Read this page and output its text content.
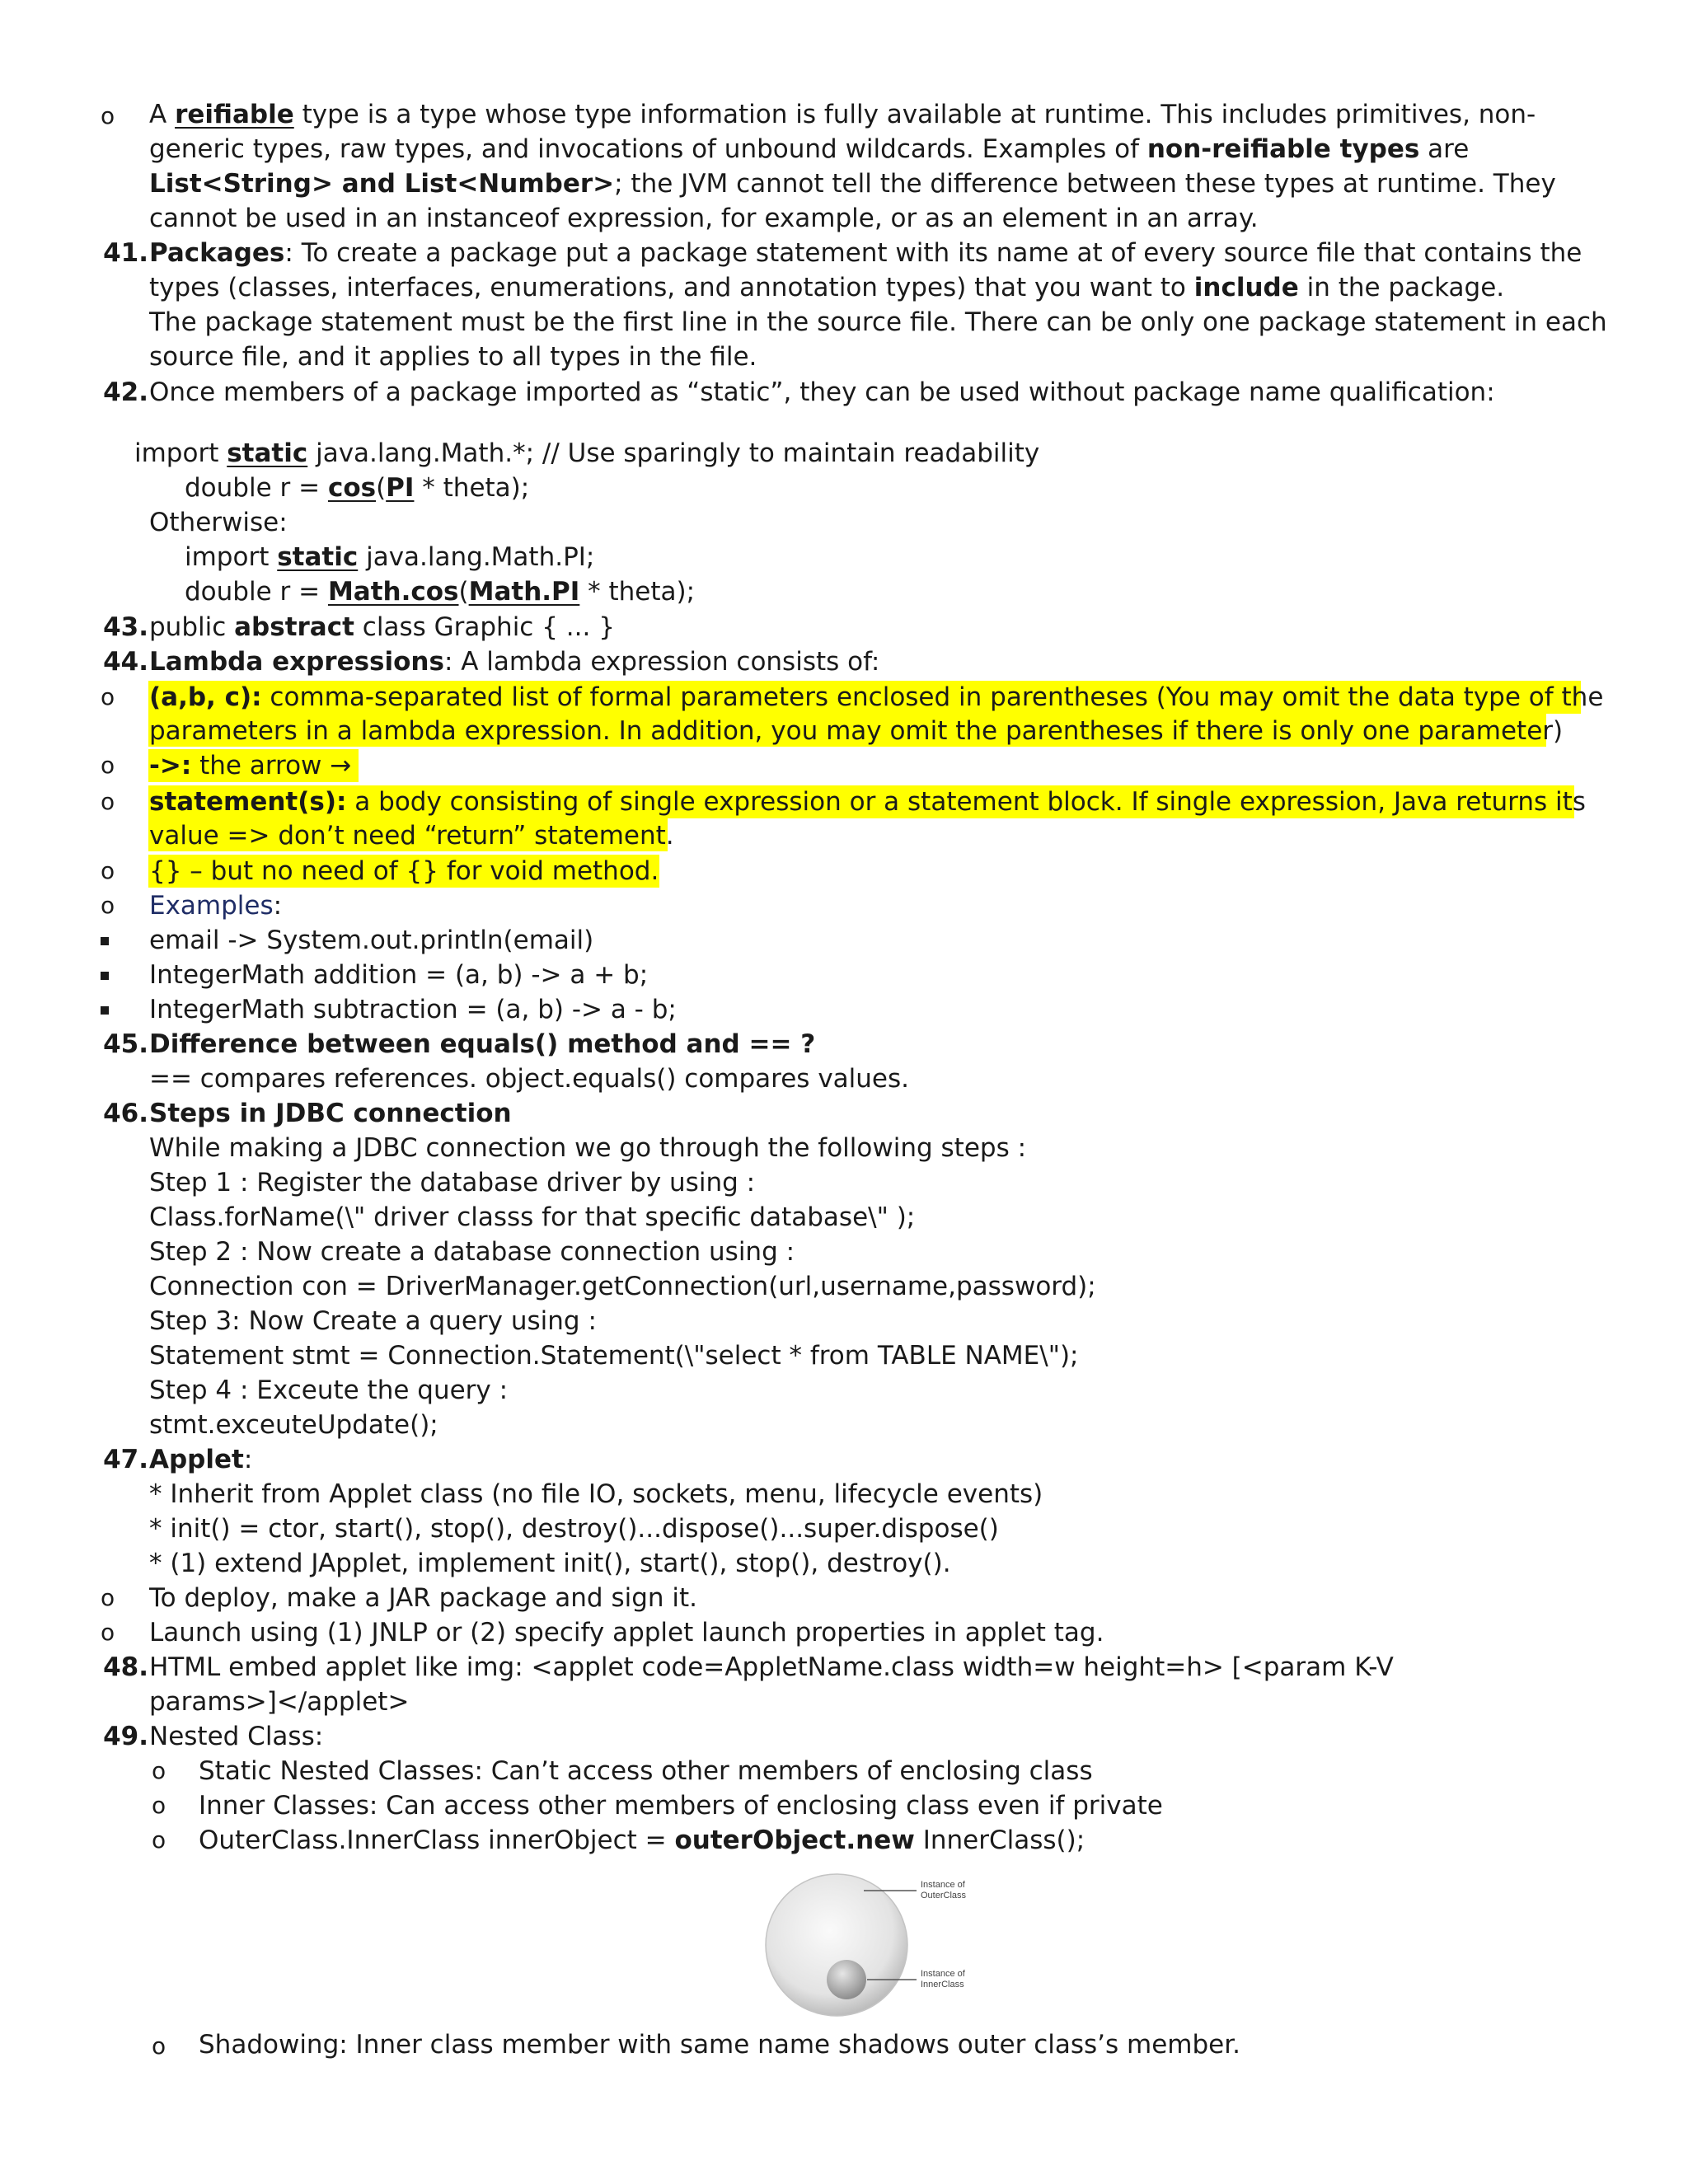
o A reifiable type is a type whose type information is fully available at runtime. This includes primitives, non-
generic types, raw types, and invocations of unbound wildcards. Examples of non-reifiable types are
List<String> and List<Number>; the JVM cannot tell the difference between these types at runtime. They
cannot be used in an instanceof expression, for example, or as an element in an array.
41. Packages: To create a package put a package statement with its name at of every source file that contains the
types (classes, interfaces, enumerations, and annotation types) that you want to include in the package.
The package statement must be the first line in the source file. There can be only one package statement in each
source file, and it applies to all types in the file.
42. Once members of a package imported as “static”, they can be used without package name qualification:
import static java.lang.Math.*; // Use sparingly to maintain readability
double r = cos(PI * theta);
Otherwise:
import static java.lang.Math.PI;
double r = Math.cos(Math.PI * theta);
43. public abstract class Graphic { ... }
44. Lambda expressions: A lambda expression consists of:
o (a,b, c): comma-separated list of formal parameters enclosed in parentheses (You may omit the data type of the
parameters in a lambda expression. In addition, you may omit the parentheses if there is only one parameter)
o ->: the arrow →
o statement(s): a body consisting of single expression or a statement block. If single expression, Java returns its
value => don’t need “return” statement.
o {} – but no need of {} for void method.
o Examples:
email -> System.out.println(email)
IntegerMath addition = (a, b) -> a + b;
IntegerMath subtraction = (a, b) -> a - b;
45. Difference between equals() method and == ?
== compares references. object.equals() compares values.
46. Steps in JDBC connection
While making a JDBC connection we go through the following steps :
Step 1 : Register the database driver by using :
Class.forName(\" driver classs for that specific database\" );
Step 2 : Now create a database connection using :
Connection con = DriverManager.getConnection(url,username,password);
Step 3: Now Create a query using :
Statement stmt = Connection.Statement(\"select * from TABLE NAME\");
Step 4 : Exceute the query :
stmt.exceuteUpdate();
47. Applet:
* Inherit from Applet class (no file IO, sockets, menu, lifecycle events)
* init() = ctor, start(), stop(), destroy()...dispose()...super.dispose()
* (1) extend JApplet, implement init(), start(), stop(), destroy().
o To deploy, make a JAR package and sign it.
o Launch using (1) JNLP or (2) specify applet launch properties in applet tag.
48. HTML embed applet like img: <applet code=AppletName.class width=w height=h> [<param K-V
params>]</applet>
49. Nested Class:
o Static Nested Classes: Can’t access other members of enclosing class
o Inner Classes: Can access other members of enclosing class even if private
o OuterClass.InnerClass innerObject = outerObject.new InnerClass();
Instance of
OuterClass
Instance of
InnerClass
o Shadowing: Inner class member with same name shadows outer class’s member.
